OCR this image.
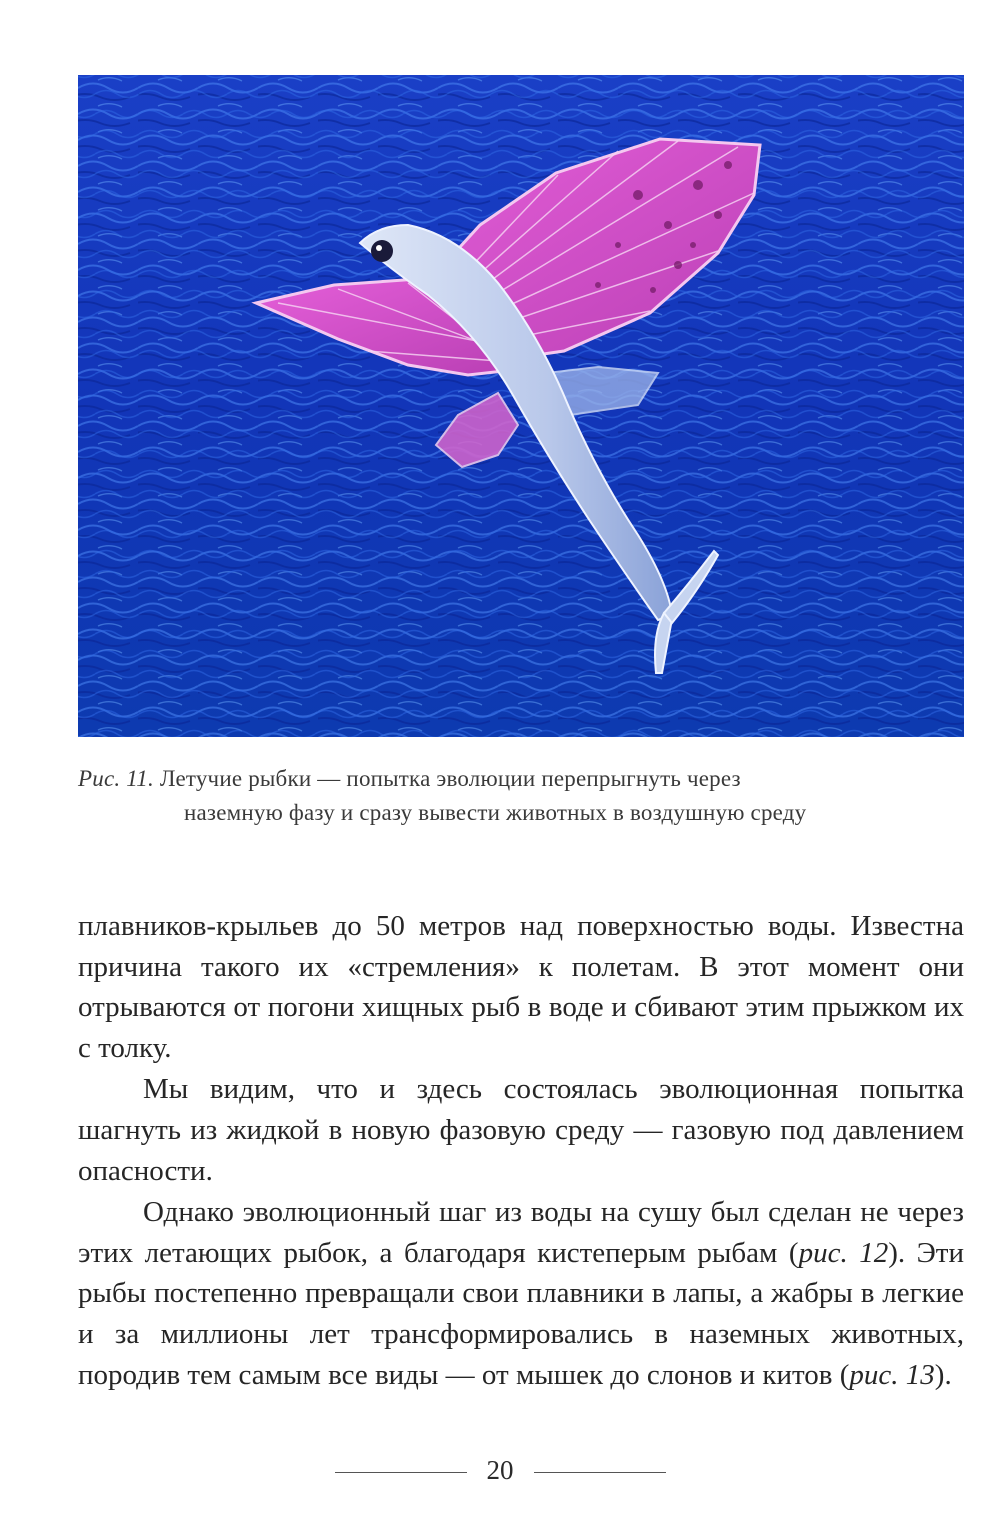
Рис. 11. Летучие рыбки — попытка эволюции перепрыгнуть через
наземную фазу и сразу вывести животных в воздушную среду

плавников-крыльев до 50 метров над поверхностью воды. Известна причина такого их «стремления» к полетам. В этот момент они отрываются от погони хищных рыб в воде и сбивают этим прыжком их с толку.

Мы видим, что и здесь состоялась эволюционная попытка шагнуть из жидкой в новую фазовую среду — газовую под давлением опасности.

Однако эволюционный шаг из воды на сушу был сделан не через этих летающих рыбок, а благодаря кистеперым рыбам (рис. 12). Эти рыбы постепенно превращали свои плавники в лапы, а жабры в легкие и за миллионы лет трансформировались в наземных животных, породив тем самым все виды — от мышек до слонов и китов (рис. 13).

20
